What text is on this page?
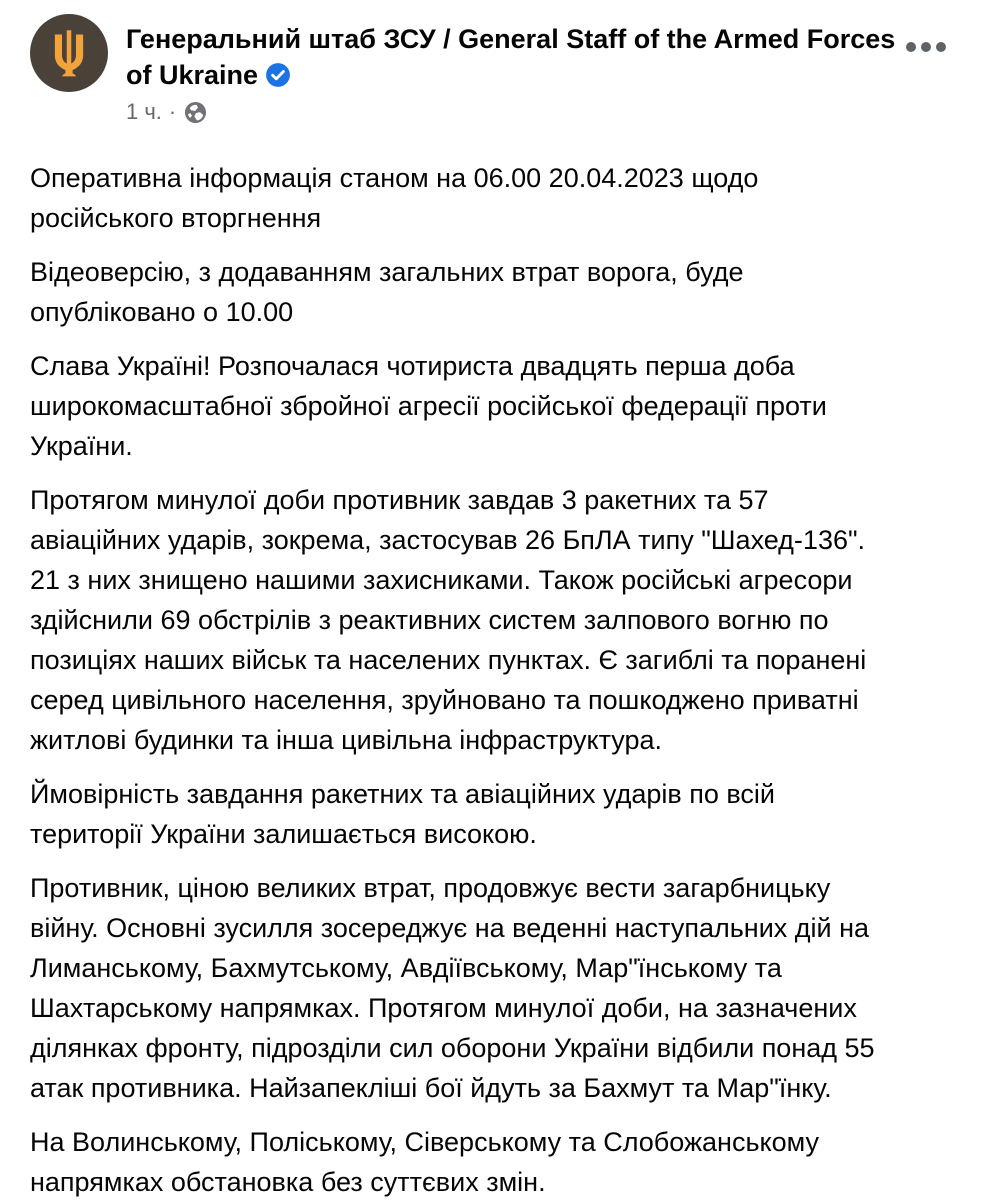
Генеральний штаб ЗСУ / General Staff of the Armed Forces of Ukraine
1 ч. ·
Оперативна інформація станом на 06.00 20.04.2023 щодо
російського вторгнення
Відеоверсію, з додаванням загальних втрат ворога, буде
опубліковано о 10.00
Слава Україні! Розпочалася чотириста двадцять перша доба
широкомасштабної збройної агресії російської федерації проти
України.
Протягом минулої доби противник завдав 3 ракетних та 57
авіаційних ударів, зокрема, застосував 26 БпЛА типу "Шахед-136".
21 з них знищено нашими захисниками. Також російські агресори
здійснили 69 обстрілів з реактивних систем залпового вогню по
позиціях наших військ та населених пунктах. Є загиблі та поранені
серед цивільного населення, зруйновано та пошкоджено приватні
житлові будинки та інша цивільна інфраструктура.
Ймовірність завдання ракетних та авіаційних ударів по всій
території України залишається високою.
Противник, ціною великих втрат, продовжує вести загарбницьку
війну. Основні зусилля зосереджує на веденні наступальних дій на
Лиманському, Бахмутському, Авдіївському, Мар"їнському та
Шахтарському напрямках. Протягом минулої доби, на зазначених
ділянках фронту, підрозділи сил оборони України відбили понад 55
атак противника. Найзапекліші бої йдуть за Бахмут та Мар"їнку.
На Волинському, Поліському, Сіверському та Слобожанському
напрямках обстановка без суттєвих змін.
